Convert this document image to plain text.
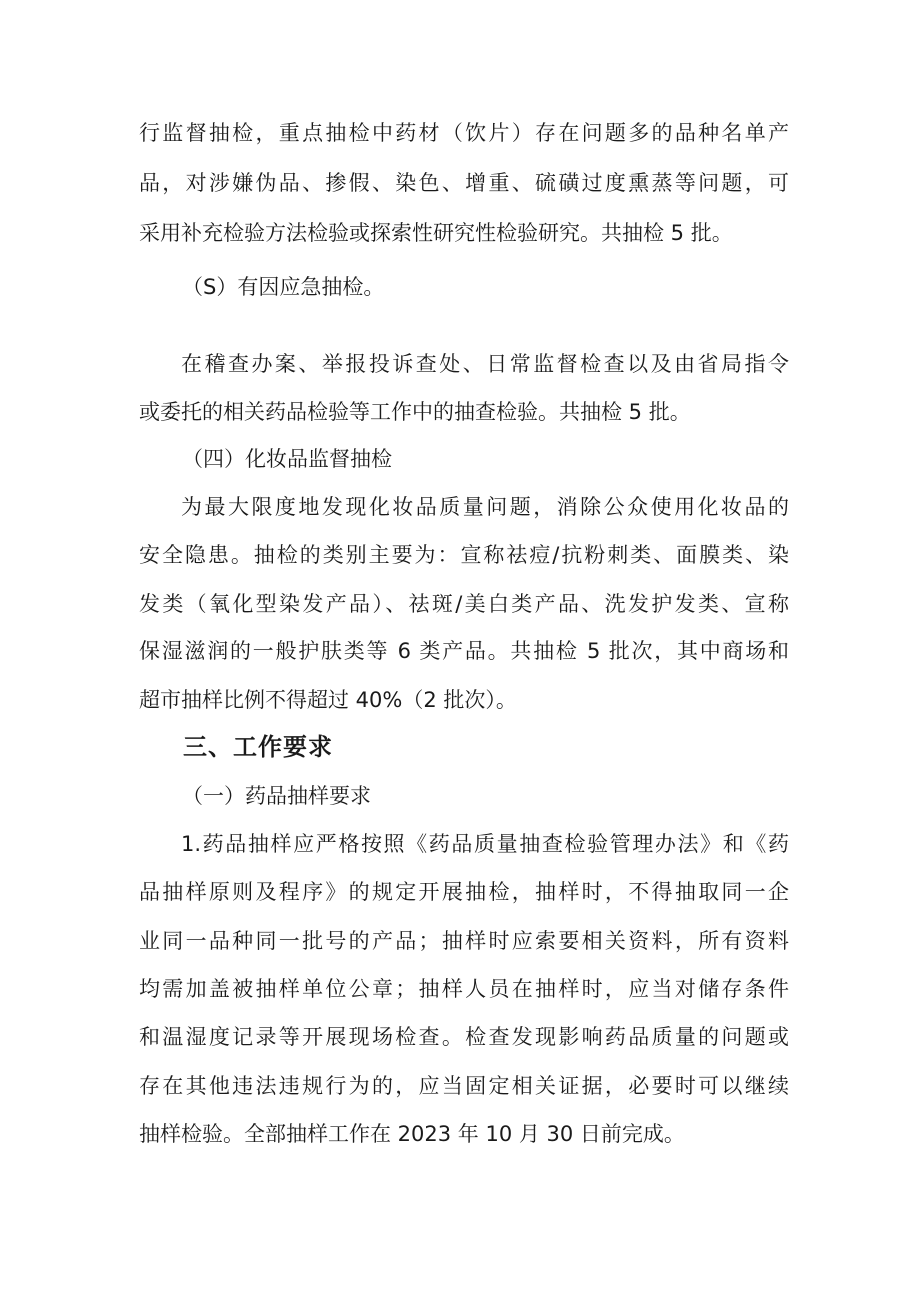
行监督抽检，重点抽检中药材（饮片）存在问题多的品种名单产
品，对涉嫌伪品、掺假、染色、增重、硫磺过度熏蒸等问题，可
采用补充检验方法检验或探索性研究性检验研究。共抽检 5 批。
（S）有因应急抽检。
在稽查办案、举报投诉查处、日常监督检查以及由省局指令
或委托的相关药品检验等工作中的抽查检验。共抽检 5 批。
（四）化妆品监督抽检
为最大限度地发现化妆品质量问题，消除公众使用化妆品的
安全隐患。抽检的类别主要为：宣称祛痘/抗粉刺类、面膜类、染
发类（氧化型染发产品）、祛斑/美白类产品、洗发护发类、宣称
保湿滋润的一般护肤类等 6 类产品。共抽检 5 批次，其中商场和
超市抽样比例不得超过 40%（2 批次）。
三、工作要求
（一）药品抽样要求
1.药品抽样应严格按照《药品质量抽查检验管理办法》和《药
品抽样原则及程序》的规定开展抽检，抽样时，不得抽取同一企
业同一品种同一批号的产品；抽样时应索要相关资料，所有资料
均需加盖被抽样单位公章；抽样人员在抽样时，应当对储存条件
和温湿度记录等开展现场检查。检查发现影响药品质量的问题或
存在其他违法违规行为的，应当固定相关证据，必要时可以继续
抽样检验。全部抽样工作在 2023 年 10 月 30 日前完成。
